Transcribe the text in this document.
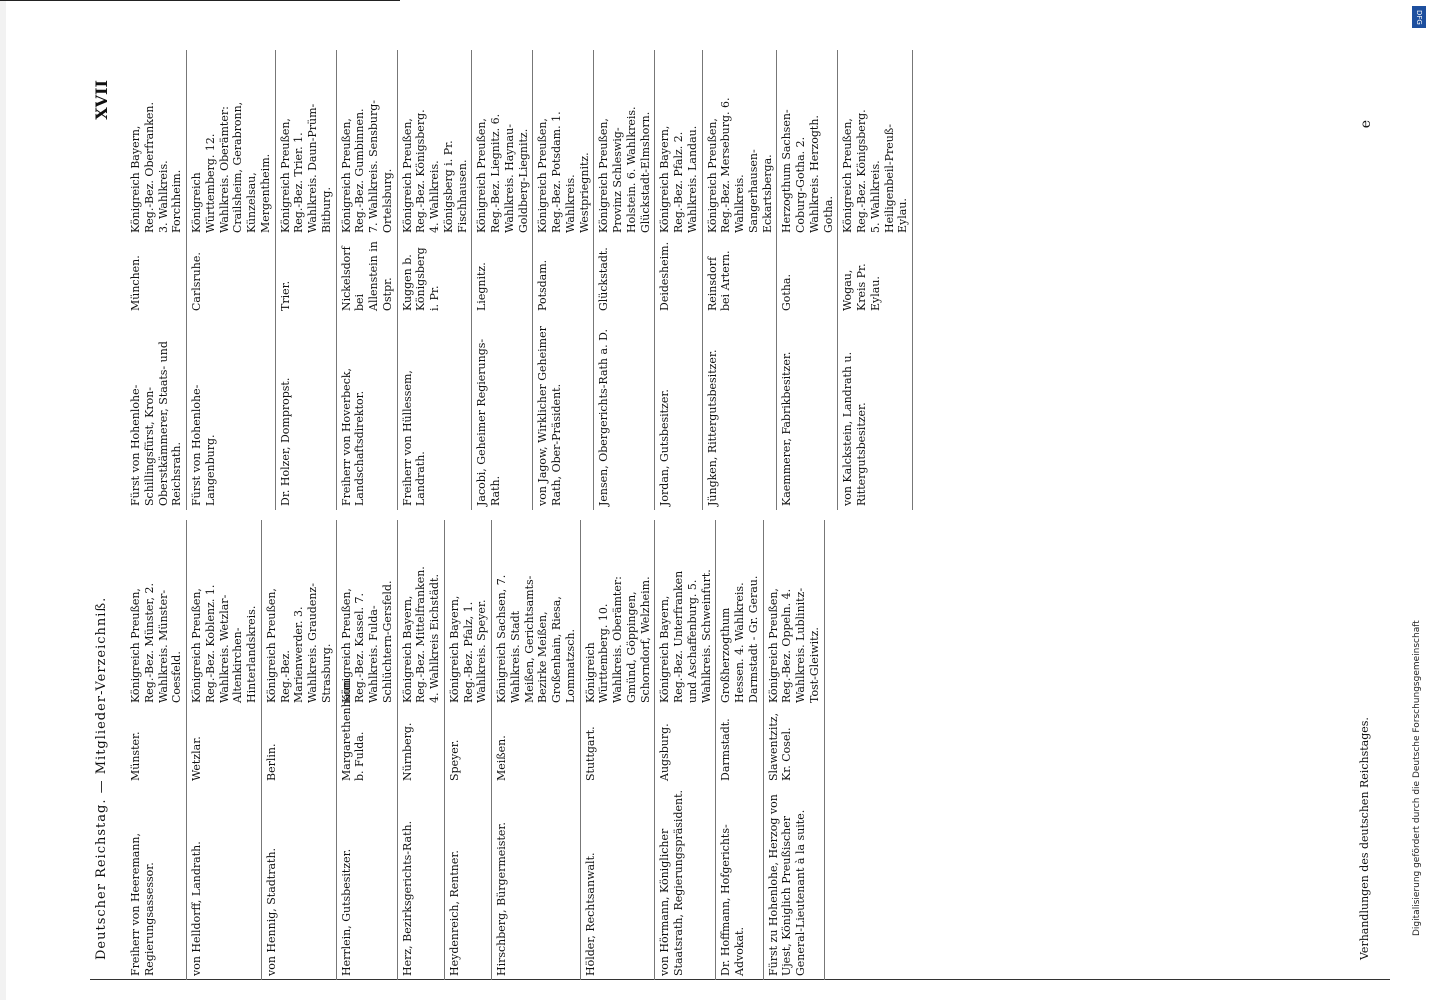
Deutscher Reichstag. — Mitglieder-Verzeichniß.
XVII
Freiherr von Heeremann, Regierungsassessor.
Münster.
Königreich Preußen, Reg.-Bez. Münster, 2. Wahlkreis. Münster-Coesfeld.
von Helldorff, Landrath.
Wetzlar.
Königreich Preußen, Reg.-Bez. Koblenz. 1. Wahlkreis. Wetzlar-Altenkirchen-Hinterlandskreis.
von Hennig, Stadtrath.
Berlin.
Königreich Preußen, Reg.-Bez. Marienwerder. 3. Wahlkreis. Graudenz-Strasburg.
Herrlein, Gutsbesitzer.
Margarethenhaun b. Fulda.
Königreich Preußen, Reg.-Bez. Kassel. 7. Wahlkreis. Fulda-Schlüchtern-Gersfeld.
Herz, Bezirksgerichts-Rath.
Nürnberg.
Königreich Bayern, Reg.-Bez. Mittelfranken. 4. Wahlkreis Eichstädt.
Heydenreich, Rentner.
Speyer.
Königreich Bayern, Reg.-Bez. Pfalz, 1. Wahlkreis. Speyer.
Hirschberg, Bürgermeister.
Meißen.
Königreich Sachsen, 7. Wahlkreis. Stadt Meißen, Gerichtsamts-Bezirke Meißen, Großenhain, Riesa, Lommatzsch.
Hölder, Rechtsanwalt.
Stuttgart.
Königreich Württemberg. 10. Wahlkreis. Oberämter: Gmünd, Göppingen, Schorndorf, Welzheim.
von Hörmann, Königlicher Staatsrath, Regierungspräsident.
Augsburg.
Königreich Bayern, Reg.-Bez. Unterfranken und Aschaffenburg. 5. Wahlkreis. Schweinfurt.
Dr. Hoffmann, Hofgerichts-Advokat.
Darmstadt.
Großherzogthum Hessen. 4. Wahlkreis. Darmstadt - Gr. Gerau.
Fürst zu Hohenlohe, Herzog von Ujest, Königlich Preußischer General-Lieutenant à la suite.
Slawentzitz, Kr. Cosel.
Königreich Preußen, Reg.-Bez. Oppeln. 4. Wahlkreis. Lublinitz-Tost-Gleiwitz.
Fürst von Hohenlohe-Schillingsfürst, Kron-Oberstkämmerer, Staats- und Reichsrath.
München.
Königreich Bayern, Reg.-Bez. Oberfranken. 3. Wahlkreis. Forchheim.
Fürst von Hohenlohe-Langenburg.
Carlsruhe.
Königreich Württemberg. 12. Wahlkreis. Oberämter: Crailsheim, Gerabronn, Künzelsau, Mergentheim.
Dr. Holzer, Dompropst.
Trier.
Königreich Preußen, Reg.-Bez. Trier. 1. Wahlkreis. Daun-Prüm-Bitburg.
Freiherr von Hoverbeck, Landschaftsdirektor.
Nickelsdorf bei Allenstein in Ostpr.
Königreich Preußen, Reg.-Bez. Gumbinnen. 7. Wahlkreis. Sensburg-Ortelsburg.
Freiherr von Hüllessem, Landrath.
Kuggen b. Königsberg i. Pr.
Königreich Preußen, Reg.-Bez. Königsberg. 4. Wahlkreis. Königsberg i. Pr. Fischhausen.
Jacobi, Geheimer Regierungs-Rath.
Liegnitz.
Königreich Preußen, Reg.-Bez. Liegnitz. 6. Wahlkreis. Haynau-Goldberg-Liegnitz.
von Jagow, Wirklicher Geheimer Rath, Ober-Präsident.
Potsdam.
Königreich Preußen, Reg.-Bez. Potsdam. 1. Wahlkreis. Westpriegnitz.
Jensen, Obergerichts-Rath a. D.
Glückstadt.
Königreich Preußen, Provinz Schleswig-Holstein. 6. Wahlkreis. Glückstadt-Elmshorn.
Jordan, Gutsbesitzer.
Deidesheim.
Königreich Bayern, Reg.-Bez. Pfalz. 2. Wahlkreis. Landau.
Jüngken, Rittergutsbesitzer.
Reinsdorf bei Artern.
Königreich Preußen, Reg.-Bez. Merseburg. 6. Wahlkreis. Sangerhausen-Eckartsberga.
Kaemmerer, Fabrikbesitzer.
Gotha.
Herzogthum Sachsen-Coburg-Gotha. 2. Wahlkreis. Herzogth. Gotha.
von Kalckstein, Landrath u. Rittergutsbesitzer.
Wogau, Kreis Pr. Eylau.
Königreich Preußen, Reg.-Bez. Königsberg. 5. Wahlkreis. Heiligenbeil-Preuß-Eylau.
Verhandlungen des deutschen Reichstages.
e
DFG
Digitalisierung gefördert durch die Deutsche Forschungsgemeinschaft
